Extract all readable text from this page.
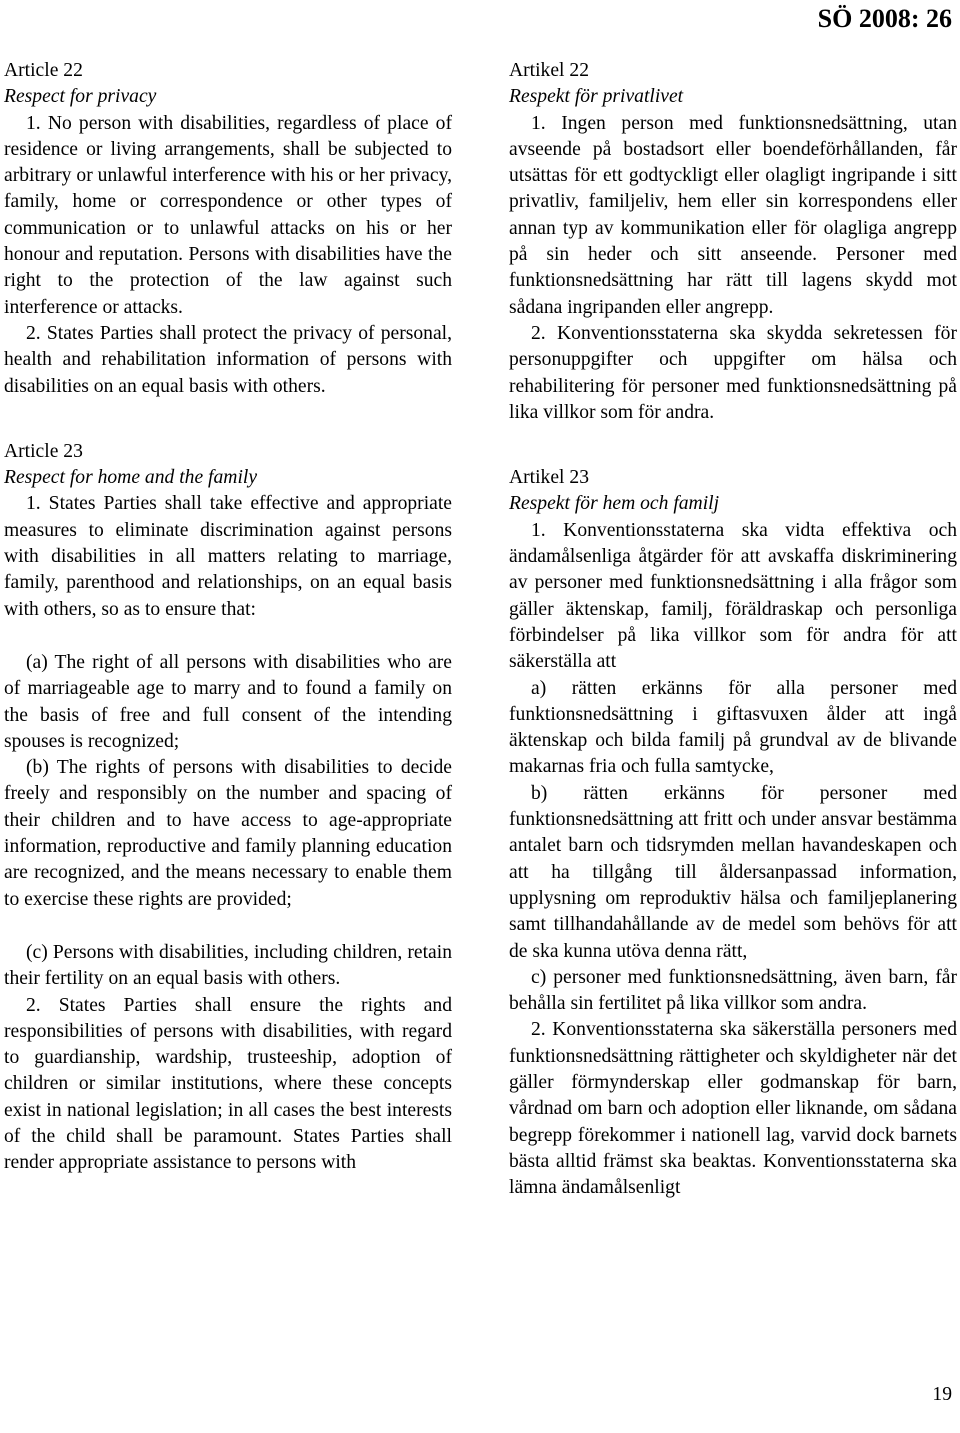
SÖ 2008: 26

Article 22

Respect for privacy

1. No person with disabilities, regardless of place of residence or living arrangements, shall be subjected to arbitrary or unlawful interference with his or her privacy, family, home or correspondence or other types of communication or to unlawful attacks on his or her honour and reputation. Persons with disabilities have the right to the protection of the law against such interference or attacks.

2. States Parties shall protect the privacy of personal, health and rehabilitation information of persons with disabilities on an equal basis with others.

Article 23

Respect for home and the family

1. States Parties shall take effective and appropriate measures to eliminate discrimination against persons with disabilities in all matters relating to marriage, family, parenthood and relationships, on an equal basis with others, so as to ensure that:

(a) The right of all persons with disabilities who are of marriageable age to marry and to found a family on the basis of free and full consent of the intending spouses is recognized;

(b) The rights of persons with disabilities to decide freely and responsibly on the number and spacing of their children and to have access to age-appropriate information, reproductive and family planning education are recognized, and the means necessary to enable them to exercise these rights are provided;

(c) Persons with disabilities, including children, retain their fertility on an equal basis with others.

2. States Parties shall ensure the rights and responsibilities of persons with disabilities, with regard to guardianship, wardship, trusteeship, adoption of children or similar institutions, where these concepts exist in national legislation; in all cases the best interests of the child shall be paramount. States Parties shall render appropriate assistance to persons with

Artikel 22

Respekt för privatlivet

1. Ingen person med funktionsnedsättning, utan avseende på bostadsort eller boendeförhållanden, får utsättas för ett godtyckligt eller olagligt ingripande i sitt privatliv, familjeliv, hem eller sin korrespondens eller annan typ av kommunikation eller för olagliga angrepp på sin heder och sitt anseende. Personer med funktionsnedsättning har rätt till lagens skydd mot sådana ingripanden eller angrepp.

2. Konventionsstaterna ska skydda sekretessen för personuppgifter och uppgifter om hälsa och rehabilitering för personer med funktionsnedsättning på lika villkor som för andra.

Artikel 23

Respekt för hem och familj

1. Konventionsstaterna ska vidta effektiva och ändamålsenliga åtgärder för att avskaffa diskriminering av personer med funktionsnedsättning i alla frågor som gäller äktenskap, familj, föräldraskap och personliga förbindelser på lika villkor som för andra för att säkerställa att

a) rätten erkänns för alla personer med funktionsnedsättning i giftasvuxen ålder att ingå äktenskap och bilda familj på grundval av de blivande makarnas fria och fulla samtycke,

b) rätten erkänns för personer med funktionsnedsättning att fritt och under ansvar bestämma antalet barn och tidsrymden mellan havandeskapen och att ha tillgång till åldersanpassad information, upplysning om reproduktiv hälsa och familjeplanering samt tillhandahållande av de medel som behövs för att de ska kunna utöva denna rätt,

c) personer med funktionsnedsättning, även barn, får behålla sin fertilitet på lika villkor som andra.

2. Konventionsstaterna ska säkerställa personers med funktionsnedsättning rättigheter och skyldigheter när det gäller förmynderskap eller godmanskap för barn, vårdnad om barn och adoption eller liknande, om sådana begrepp förekommer i nationell lag, varvid dock barnets bästa alltid främst ska beaktas. Konventionsstaterna ska lämna ändamålsenligt

19
